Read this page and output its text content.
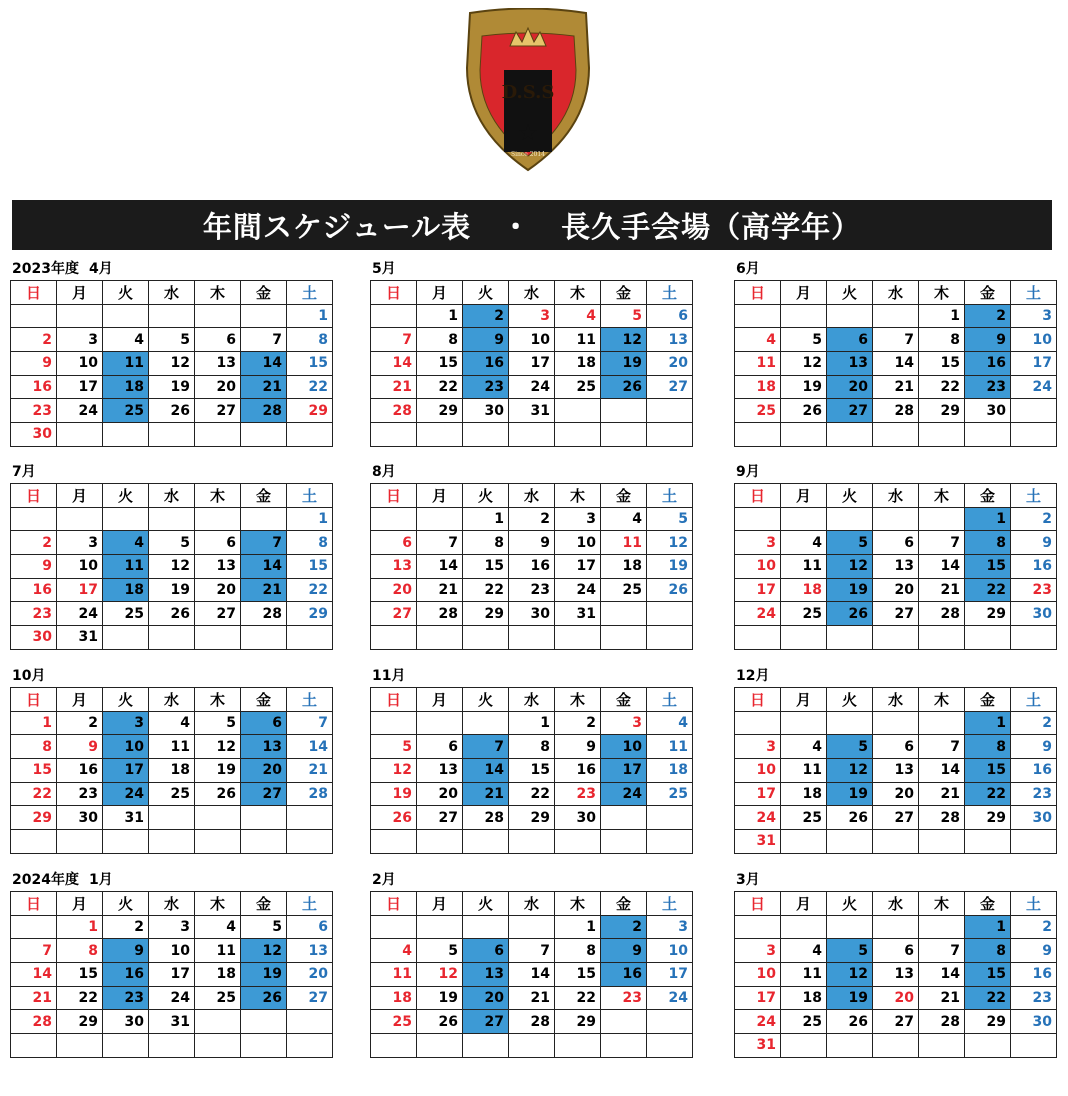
D.S.S
★
Since 2014
年間スケジュール表　・　長久手会場（高学年）
2023年度 4月
日	月	火	水	木	金	土
						1
2	3	4	5	6	7	8
9	10	11	12	13	14	15
16	17	18	19	20	21	22
23	24	25	26	27	28	29
30						
5月
日	月	火	水	木	金	土
	1	2	3	4	5	6
7	8	9	10	11	12	13
14	15	16	17	18	19	20
21	22	23	24	25	26	27
28	29	30	31			

6月
日	月	火	水	木	金	土
				1	2	3
4	5	6	7	8	9	10
11	12	13	14	15	16	17
18	19	20	21	22	23	24
25	26	27	28	29	30	

7月
日	月	火	水	木	金	土
						1
2	3	4	5	6	7	8
9	10	11	12	13	14	15
16	17	18	19	20	21	22
23	24	25	26	27	28	29
30	31					
8月
日	月	火	水	木	金	土
		1	2	3	4	5
6	7	8	9	10	11	12
13	14	15	16	17	18	19
20	21	22	23	24	25	26
27	28	29	30	31		

9月
日	月	火	水	木	金	土
					1	2
3	4	5	6	7	8	9
10	11	12	13	14	15	16
17	18	19	20	21	22	23
24	25	26	27	28	29	30

10月
日	月	火	水	木	金	土
1	2	3	4	5	6	7
8	9	10	11	12	13	14
15	16	17	18	19	20	21
22	23	24	25	26	27	28
29	30	31				

11月
日	月	火	水	木	金	土
			1	2	3	4
5	6	7	8	9	10	11
12	13	14	15	16	17	18
19	20	21	22	23	24	25
26	27	28	29	30		

12月
日	月	火	水	木	金	土
					1	2
3	4	5	6	7	8	9
10	11	12	13	14	15	16
17	18	19	20	21	22	23
24	25	26	27	28	29	30
31						
2024年度 1月
日	月	火	水	木	金	土
	1	2	3	4	5	6
7	8	9	10	11	12	13
14	15	16	17	18	19	20
21	22	23	24	25	26	27
28	29	30	31			

2月
日	月	火	水	木	金	土
				1	2	3
4	5	6	7	8	9	10
11	12	13	14	15	16	17
18	19	20	21	22	23	24
25	26	27	28	29		

3月
日	月	火	水	木	金	土
					1	2
3	4	5	6	7	8	9
10	11	12	13	14	15	16
17	18	19	20	21	22	23
24	25	26	27	28	29	30
31						
